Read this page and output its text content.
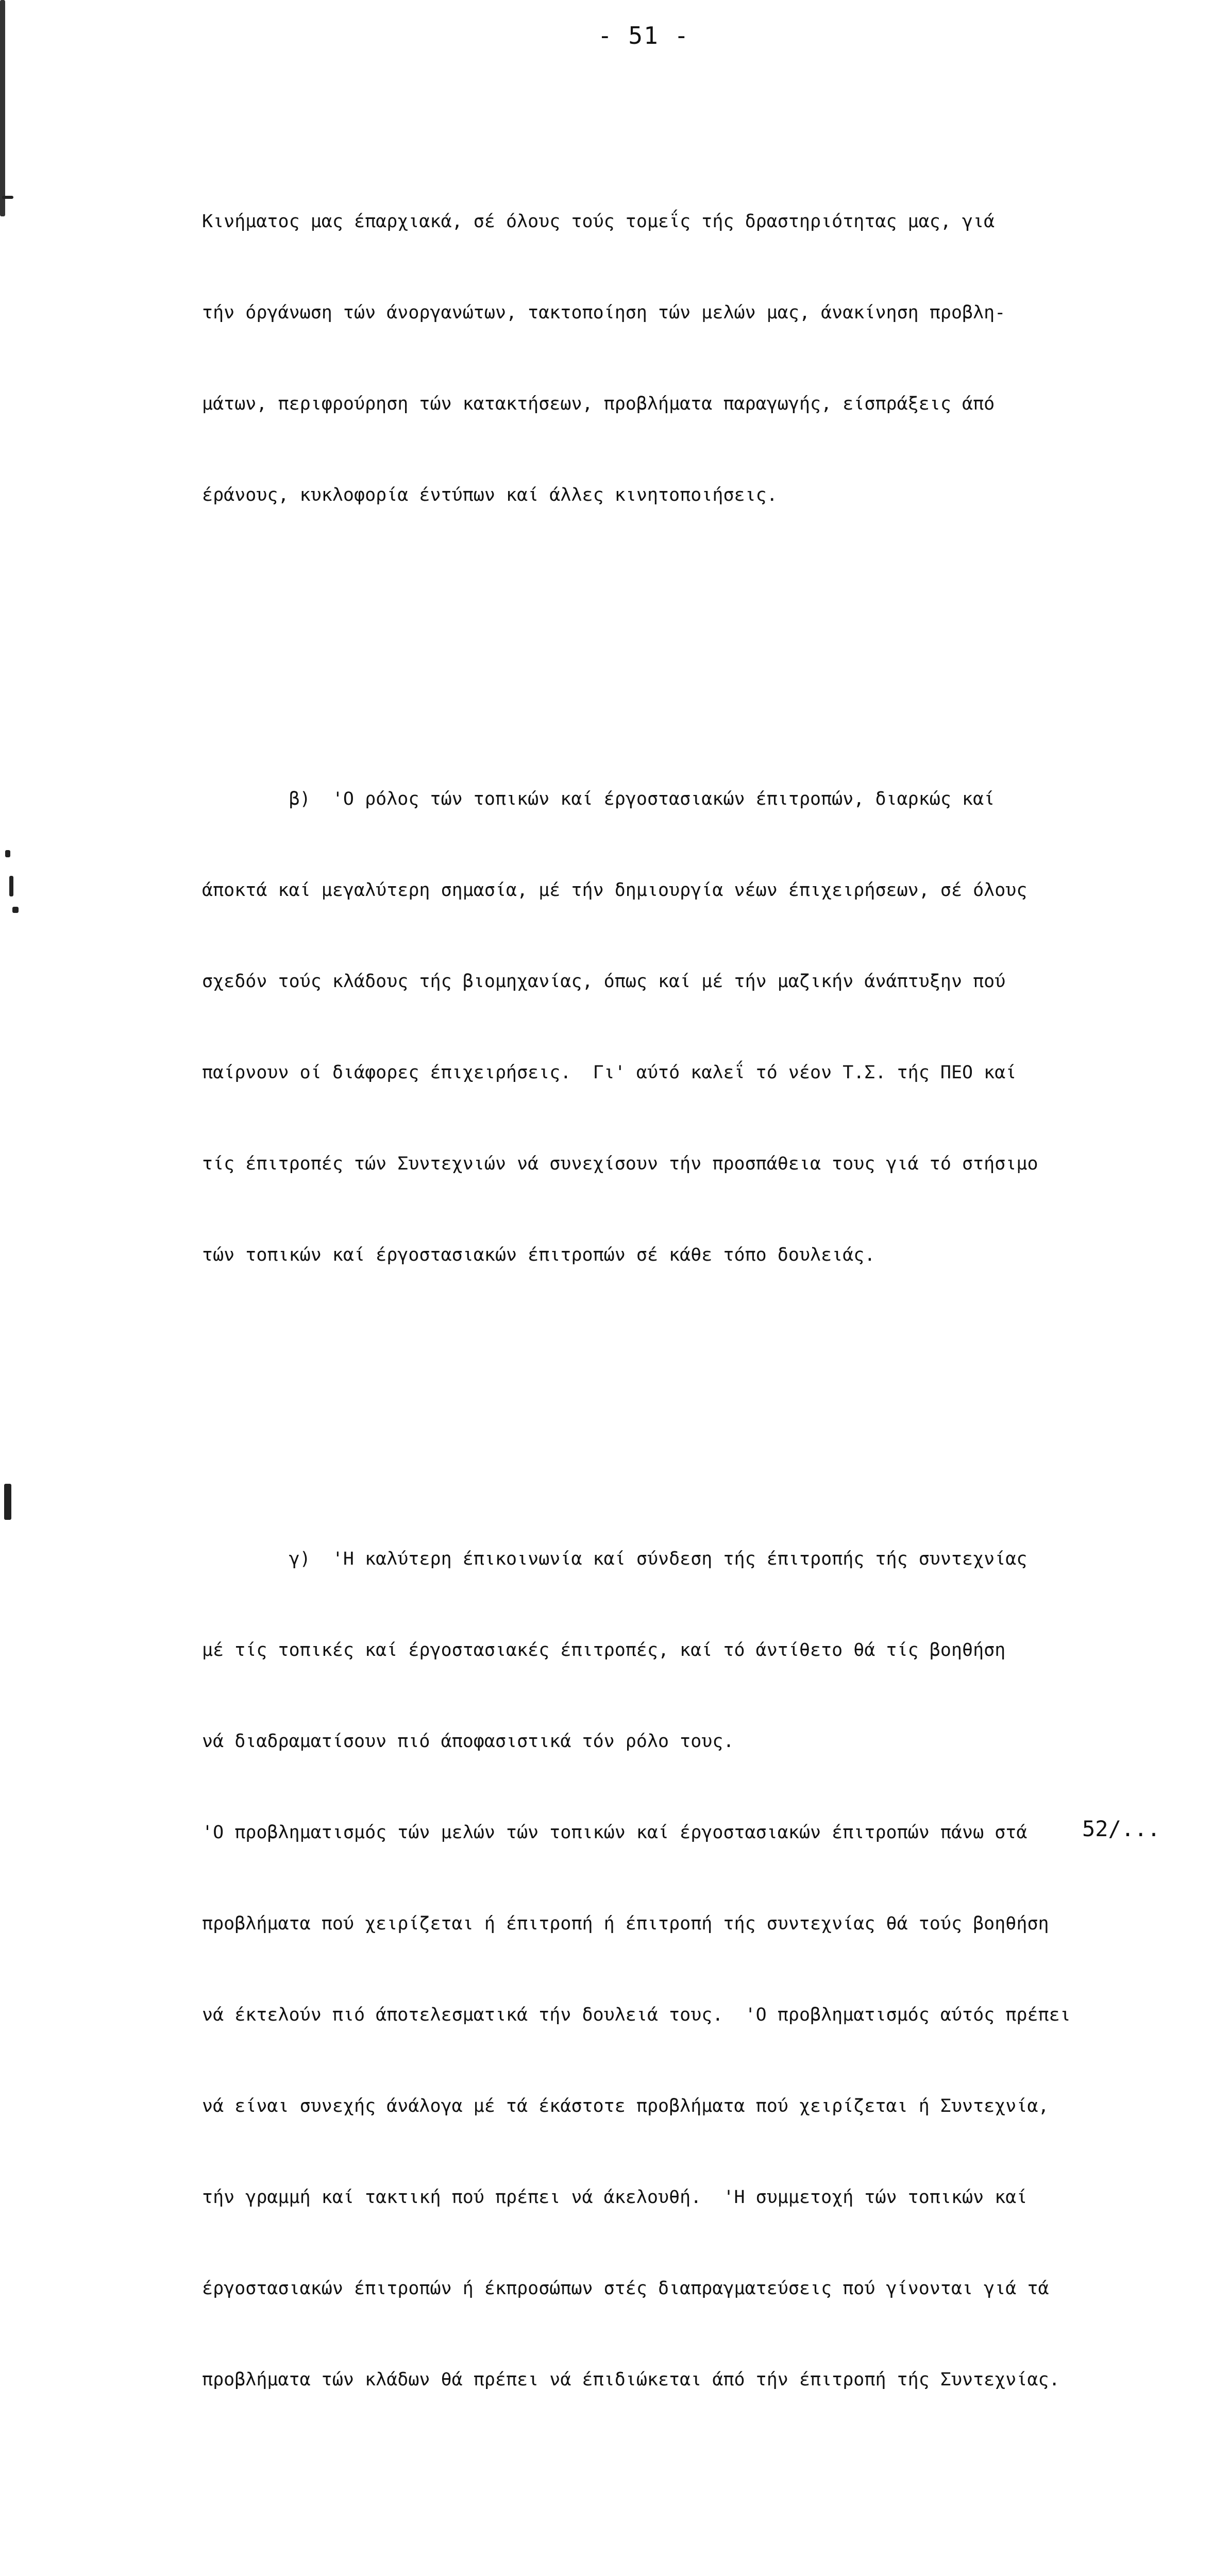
- 51 -

Κινήματος μας έπαρχιακά, σέ όλους τούς τομεΐς τής δραστηριότητας μας, γιά

τήν όργάνωση τών άνοργανώτων, τακτοποίηση τών μελών μας, άνακίνηση προβλη-

μάτων, περιφρούρηση τών κατακτήσεων, προβλήματα παραγωγής, είσπράξεις άπό

έράνους, κυκλοφορία έντύπων καί άλλες κινητοποιήσεις.

β)  'Ο ρόλος τών τοπικών καί έργοστασιακών έπιτροπών, διαρκώς καί

άποκτά καί μεγαλύτερη σημασία, μέ τήν δημιουργία νέων έπιχειρήσεων, σέ όλους

σχεδόν τούς κλάδους τής βιομηχανίας, όπως καί μέ τήν μαζικήν άνάπτυξην πού

παίρνουν οί διάφορες έπιχειρήσεις.  Γι' αύτό καλεΐ τό νέον Τ.Σ. τής ΠΕΟ καί

τίς έπιτροπές τών Συντεχνιών νά συνεχίσουν τήν προσπάθεια τους γιά τό στήσιμο

τών τοπικών καί έργοστασιακών έπιτροπών σέ κάθε τόπο δουλειάς.

γ)  'Η καλύτερη έπικοινωνία καί σύνδεση τής έπιτροπής τής συντεχνίας

μέ τίς τοπικές καί έργοστασιακές έπιτροπές, καί τό άντίθετο θά τίς βοηθήση

νά διαδραματίσουν πιό άποφασιστικά τόν ρόλο τους.

'Ο προβληματισμός τών μελών τών τοπικών καί έργοστασιακών έπιτροπών πάνω στά

προβλήματα πού χειρίζεται ή έπιτροπή ή έπιτροπή τής συντεχνίας θά τούς βοηθήση

νά έκτελούν πιό άποτελεσματικά τήν δουλειά τους.  'Ο προβληματισμός αύτός πρέπει

νά είναι συνεχής άνάλογα μέ τά έκάστοτε προβλήματα πού χειρίζεται ή Συντεχνία,

τήν γραμμή καί τακτική πού πρέπει νά άκελουθή.  'Η συμμετοχή τών τοπικών καί

έργοστασιακών έπιτροπών ή έκπροσώπων στές διαπραγματεύσεις πού γίνονται γιά τά

προβλήματα τών κλάδων θά πρέπει νά έπιδιώκεται άπό τήν έπιτροπή τής Συντεχνίας.

52/...
